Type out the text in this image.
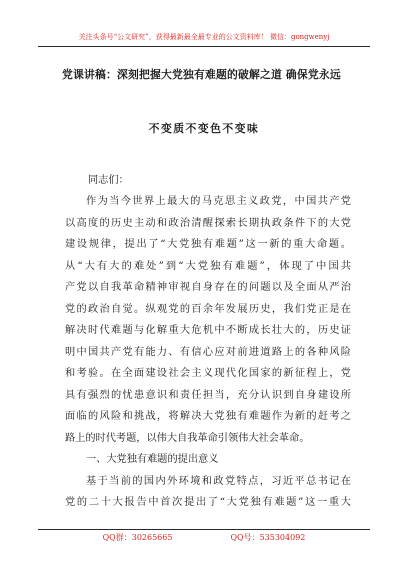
关注头条号“公文研究”，获得最新最全最专业的公文资料库！ 微信：gongwenyj
党课讲稿：深刻把握大党独有难题的破解之道 确保党永远
不变质不变色不变味
同志们：
作为当今世界上最大的马克思主义政党，中国共产党
以高度的历史主动和政治清醒探索长期执政条件下的大党
建设规律，提出了“大党独有难题”这一新的重大命题。
从“大有大的难处”到“大党独有难题”，体现了中国共
产党以自我革命精神审视自身存在的问题以及全面从严治
党的政治自觉。纵观党的百余年发展历史，我们党正是在
解决时代难题与化解重大危机中不断成长壮大的，历史证
明中国共产党有能力、有信心应对前进道路上的各种风险
和考验。在全面建设社会主义现代化国家的新征程上，党
具有强烈的忧患意识和责任担当，充分认识到自身建设所
面临的风险和挑战，将解决大党独有难题作为新的赶考之
路上的时代考题，以伟大自我革命引领伟大社会革命。
一、大党独有难题的提出意义
基于当前的国内外环境和政党特点，习近平总书记在
党的二十大报告中首次提出了“大党独有难题”这一重大
QQ群：30265665	QQ号：535304092
